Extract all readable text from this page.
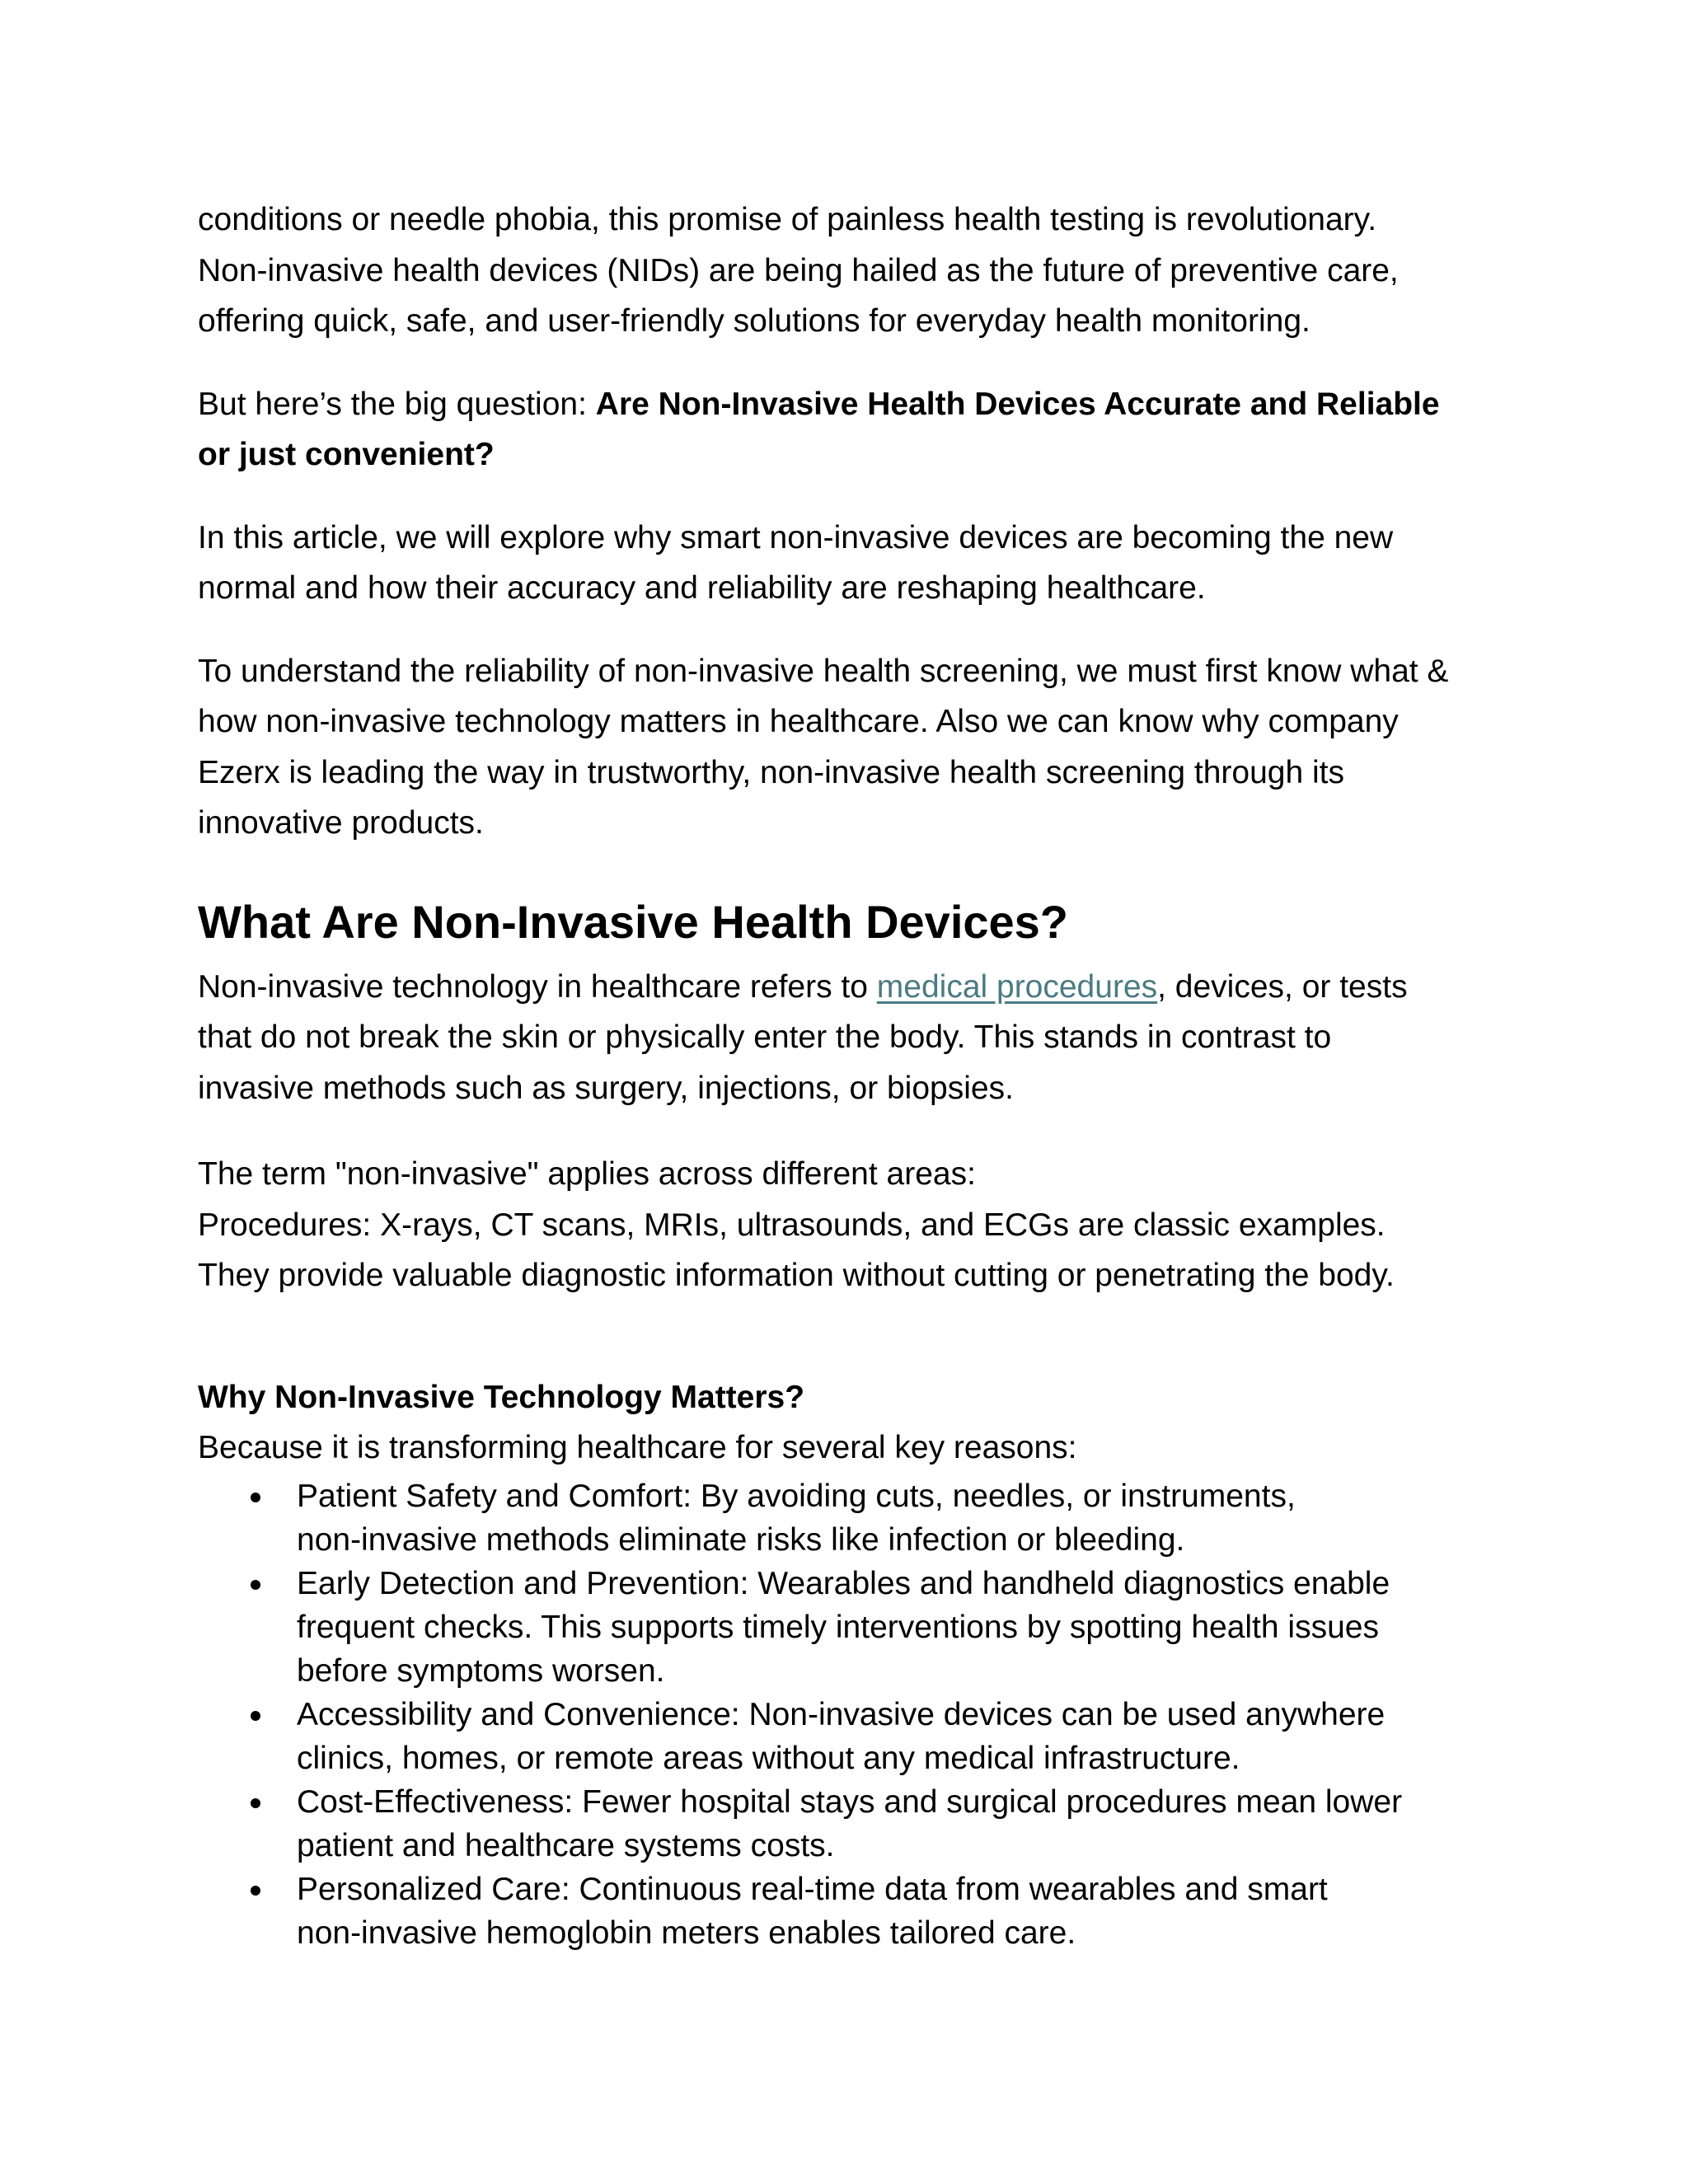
conditions or needle phobia, this promise of painless health testing is revolutionary.
Non-invasive health devices (NIDs) are being hailed as the future of preventive care,
offering quick, safe, and user-friendly solutions for everyday health monitoring.

But here’s the big question: Are Non-Invasive Health Devices Accurate and Reliable
or just convenient?

In this article, we will explore why smart non-invasive devices are becoming the new
normal and how their accuracy and reliability are reshaping healthcare.

To understand the reliability of non-invasive health screening, we must first know what &
how non-invasive technology matters in healthcare. Also we can know why company
Ezerx is leading the way in trustworthy, non-invasive health screening through its
innovative products.

What Are Non-Invasive Health Devices?

Non-invasive technology in healthcare refers to medical procedures, devices, or tests
that do not break the skin or physically enter the body. This stands in contrast to
invasive methods such as surgery, injections, or biopsies.

The term "non-invasive" applies across different areas:
Procedures: X-rays, CT scans, MRIs, ultrasounds, and ECGs are classic examples.
They provide valuable diagnostic information without cutting or penetrating the body.

Why Non-Invasive Technology Matters?

Because it is transforming healthcare for several key reasons:

Patient Safety and Comfort: By avoiding cuts, needles, or instruments,
non-invasive methods eliminate risks like infection or bleeding.
Early Detection and Prevention: Wearables and handheld diagnostics enable
frequent checks. This supports timely interventions by spotting health issues
before symptoms worsen.
Accessibility and Convenience: Non-invasive devices can be used anywhere
clinics, homes, or remote areas without any medical infrastructure.
Cost-Effectiveness: Fewer hospital stays and surgical procedures mean lower
patient and healthcare systems costs.
Personalized Care: Continuous real-time data from wearables and smart
non-invasive hemoglobin meters enables tailored care.
